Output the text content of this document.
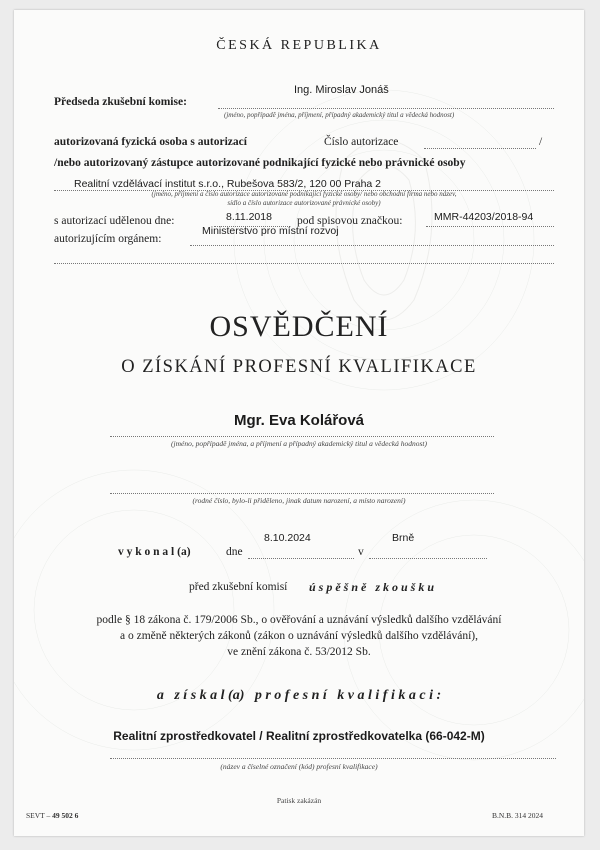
ČESKÁ REPUBLIKA
Ing. Miroslav Jonáš
Předseda zkušební komise:
(jméno, popřípadě jména, příjmení, případný akademický titul a vědecká hodnost)
autorizovaná fyzická osoba s autorizací	Číslo autorizace	/
/nebo autorizovaný zástupce autorizované podnikající fyzické nebo právnické osoby
Realitní vzdělávací institut s.r.o., Rubešova 583/2, 120 00 Praha 2
(jméno, příjmení a číslo autorizace autorizované podnikající fyzické osoby/ nebo obchodní firma nebo název,
sídlo a číslo autorizace autorizované právnické osoby)
s autorizací udělenou dne:	8.11.2018 pod spisovou značkou:	MMR-44203/2018-94
Ministerstvo pro místní rozvoj
autorizujícím orgánem:
OSVĚDČENÍ
O ZÍSKÁNÍ PROFESNÍ KVALIFIKACE
Mgr. Eva Kolářová
(jméno, popřípadě jména, a příjmení a případný akademický titul a vědecká hodnost)
(rodné číslo, bylo-li přiděleno, jinak datum narození, a místo narození)
8.10.2024	Brně
v y k o n a l (a)	dne	v
před zkušební komisí ú s p ě š n ě   z k o u š k u
podle § 18 zákona č. 179/2006 Sb., o ověřování a uznávání výsledků dalšího vzdělávání
a o změně některých zákonů (zákon o uznávání výsledků dalšího vzdělávání),
ve znění zákona č. 53/2012 Sb.
a   z í s k a l (a)   p r o f e s n í   k v a l i f i k a c i :
Realitní zprostředkovatel / Realitní zprostředkovatelka (66-042-M)
(název a číselné označení (kód) profesní kvalifikace)
Patisk zakázán
SEVT – 49 502 6	B.N.B. 314 2024
